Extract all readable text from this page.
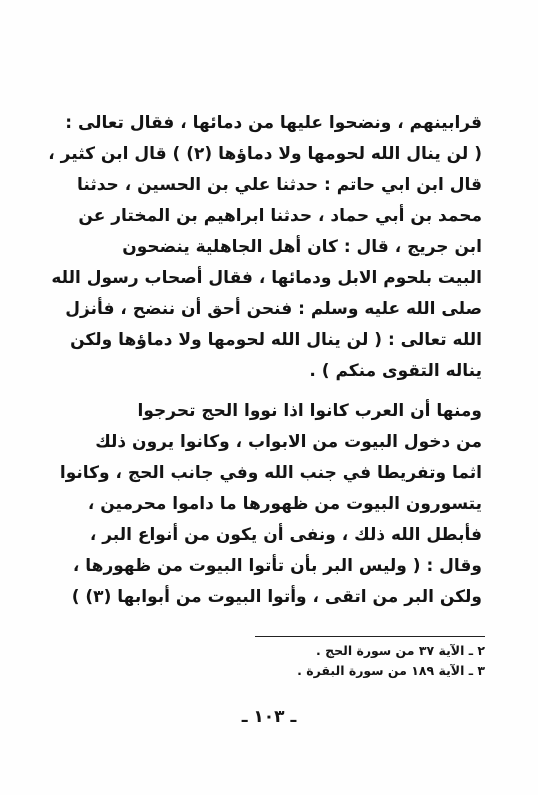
قرابينهم ، ونضحوا عليها من دمائها ، فقال تعالى :
( لن ينال الله لحومها ولا دماؤها (٢) ) قال ابن كثير ،
قال ابن ابي حاتم : حدثنا علي بن الحسين ، حدثنا
محمد بن أبي حماد ، حدثنا ابراهيم بن المختار عن
ابن جريج ، قال : كان أهل الجاهلية ينضحون
البيت بلحوم الابل ودمائها ، فقال أصحاب رسول الله
صلى الله عليه وسلم : فنحن أحق أن ننضح ، فأنزل
الله تعالى : ( لن ينال الله لحومها ولا دماؤها ولكن
يناله التقوى منكم ) .
ومنها أن العرب كانوا اذا نووا الحج تحرجوا
من دخول البيوت من الابواب ، وكانوا يرون ذلك
اثما وتفريطا في جنب الله وفي جانب الحج ، وكانوا
يتسورون البيوت من ظهورها ما داموا محرمين ،
فأبطل الله ذلك ، ونفى أن يكون من أنواع البر ،
وقال : ( وليس البر بأن تأتوا البيوت من ظهورها ،
ولكن البر من اتقى ، وأتوا البيوت من أبوابها (٣) )
٢ ـ الآية ٣٧ من سورة الحج .
٣ ـ الآية ١٨٩ من سورة البقرة .
ـ ١٠٣ ـ
